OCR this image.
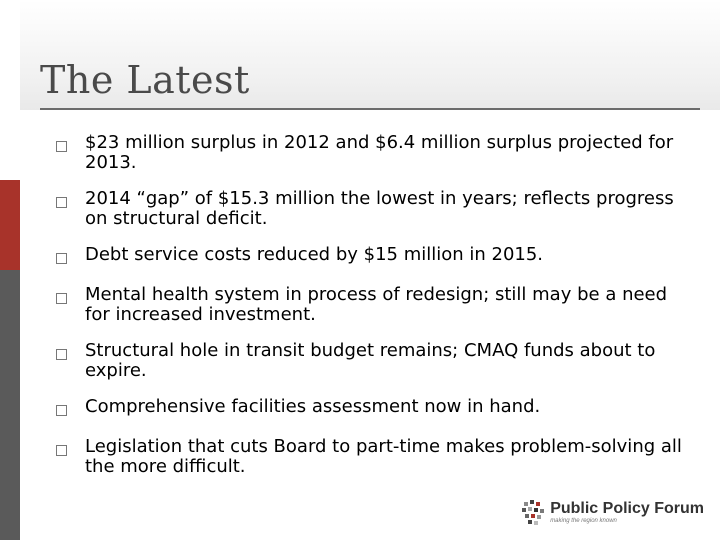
The Latest
$23 million surplus in 2012 and $6.4 million surplus projected for 2013.
2014 “gap” of $15.3 million the lowest in years; reflects progress on structural deficit.
Debt service costs reduced by $15 million in 2015.
Mental health system in process of redesign; still may be a need for increased investment.
Structural hole in transit budget remains; CMAQ funds about to expire.
Comprehensive facilities assessment now in hand.
Legislation that cuts Board to part-time makes problem-solving all the more difficult.
Public Policy Forum
making the region known
